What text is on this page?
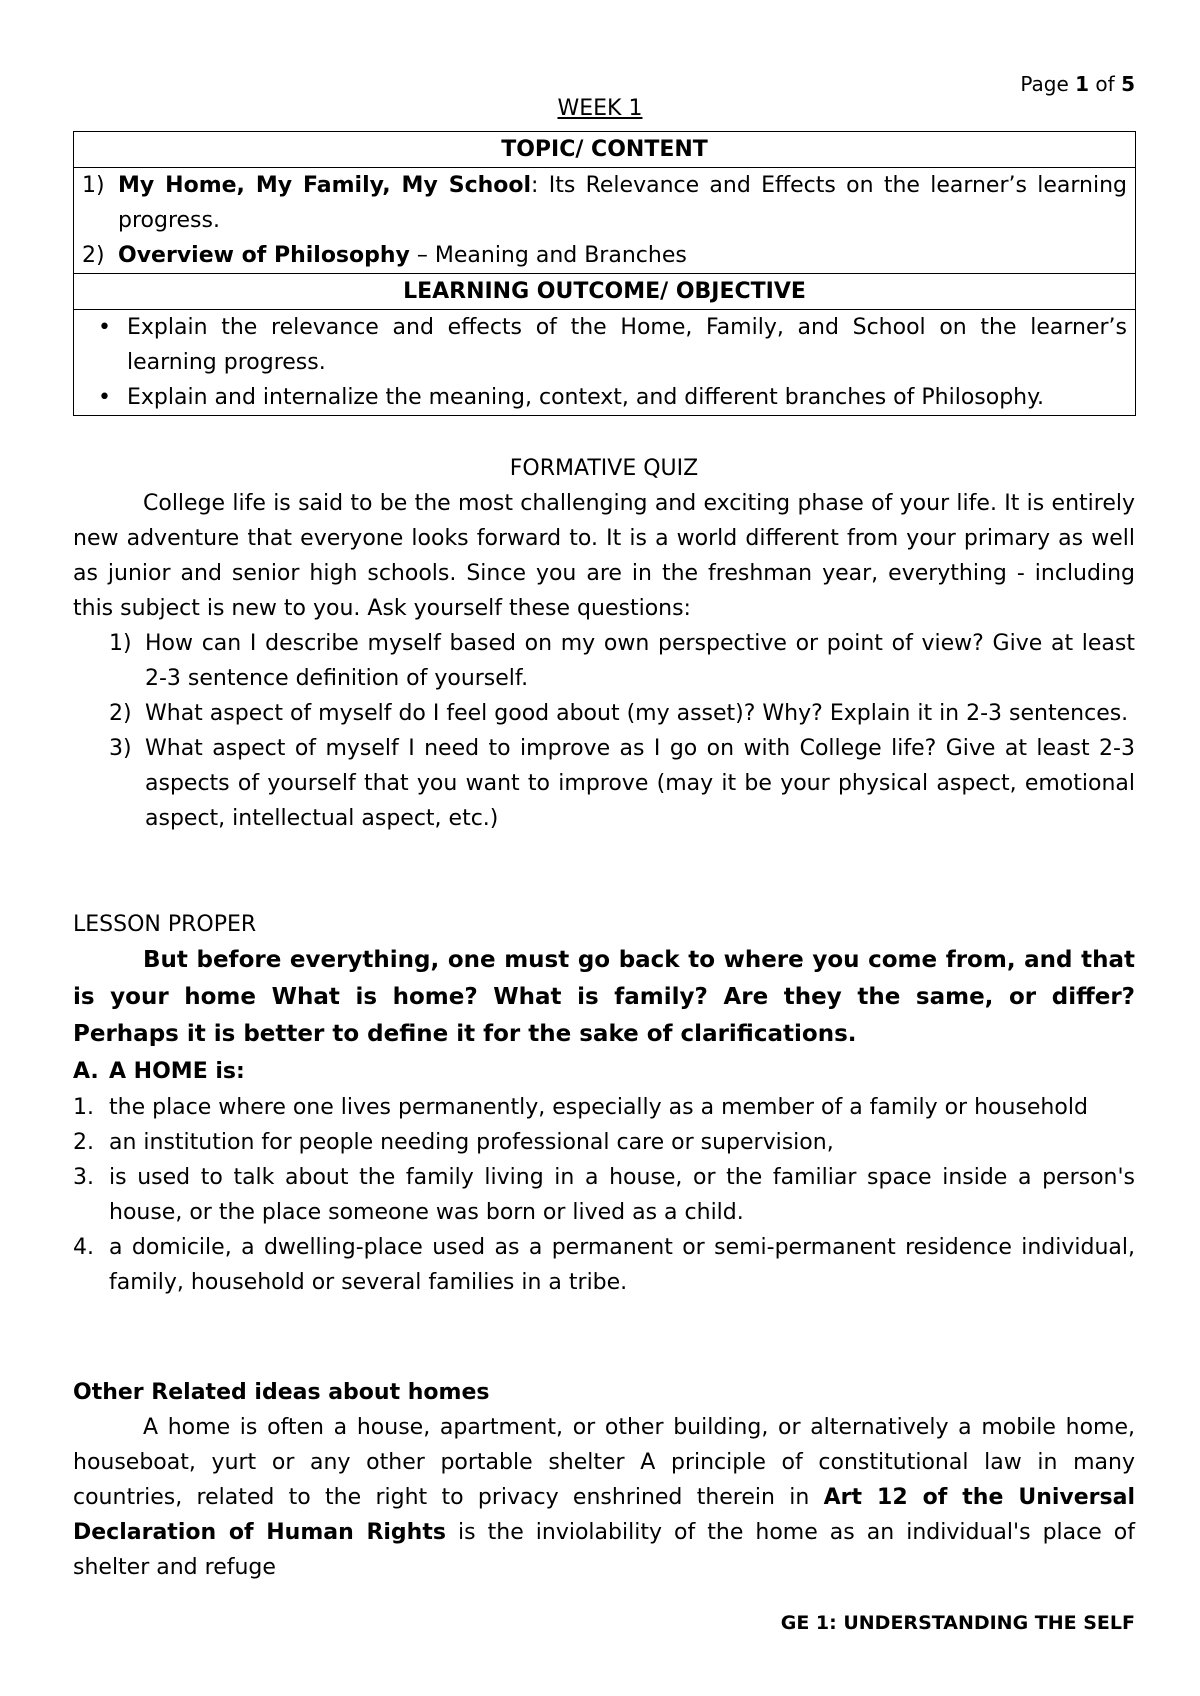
Page 1 of 5
WEEK 1
TOPIC/ CONTENT

1) My Home, My Family, My School: Its Relevance and Effects on the learner’s learning progress.
2) Overview of Philosophy – Meaning and Branches

LEARNING OUTCOME/ OBJECTIVE

• Explain the relevance and effects of the Home, Family, and School on the learner’s learning progress.
• Explain and internalize the meaning, context, and different branches of Philosophy.
FORMATIVE QUIZ
College life is said to be the most challenging and exciting phase of your life. It is entirely new adventure that everyone looks forward to. It is a world different from your primary as well as junior and senior high schools. Since you are in the freshman year, everything - including this subject is new to you. Ask yourself these questions:
1) How can I describe myself based on my own perspective or point of view? Give at least 2-3 sentence definition of yourself.
2) What aspect of myself do I feel good about (my asset)? Why? Explain it in 2-3 sentences.
3) What aspect of myself I need to improve as I go on with College life? Give at least 2-3 aspects of yourself that you want to improve (may it be your physical aspect, emotional aspect, intellectual aspect, etc.)
LESSON PROPER
But before everything, one must go back to where you come from, and that is your home What is home? What is family? Are they the same, or differ? Perhaps it is better to define it for the sake of clarifications.
A. A HOME is:
1. the place where one lives permanently, especially as a member of a family or household
2. an institution for people needing professional care or supervision,
3. is used to talk about the family living in a house, or the familiar space inside a person's house, or the place someone was born or lived as a child.
4. a domicile, a dwelling-place used as a permanent or semi-permanent residence individual, family, household or several families in a tribe.
Other Related ideas about homes
A home is often a house, apartment, or other building, or alternatively a mobile home, houseboat, yurt or any other portable shelter A principle of constitutional law in many countries, related to the right to privacy enshrined therein in Art 12 of the Universal Declaration of Human Rights is the inviolability of the home as an individual's place of shelter and refuge
GE 1: UNDERSTANDING THE SELF
